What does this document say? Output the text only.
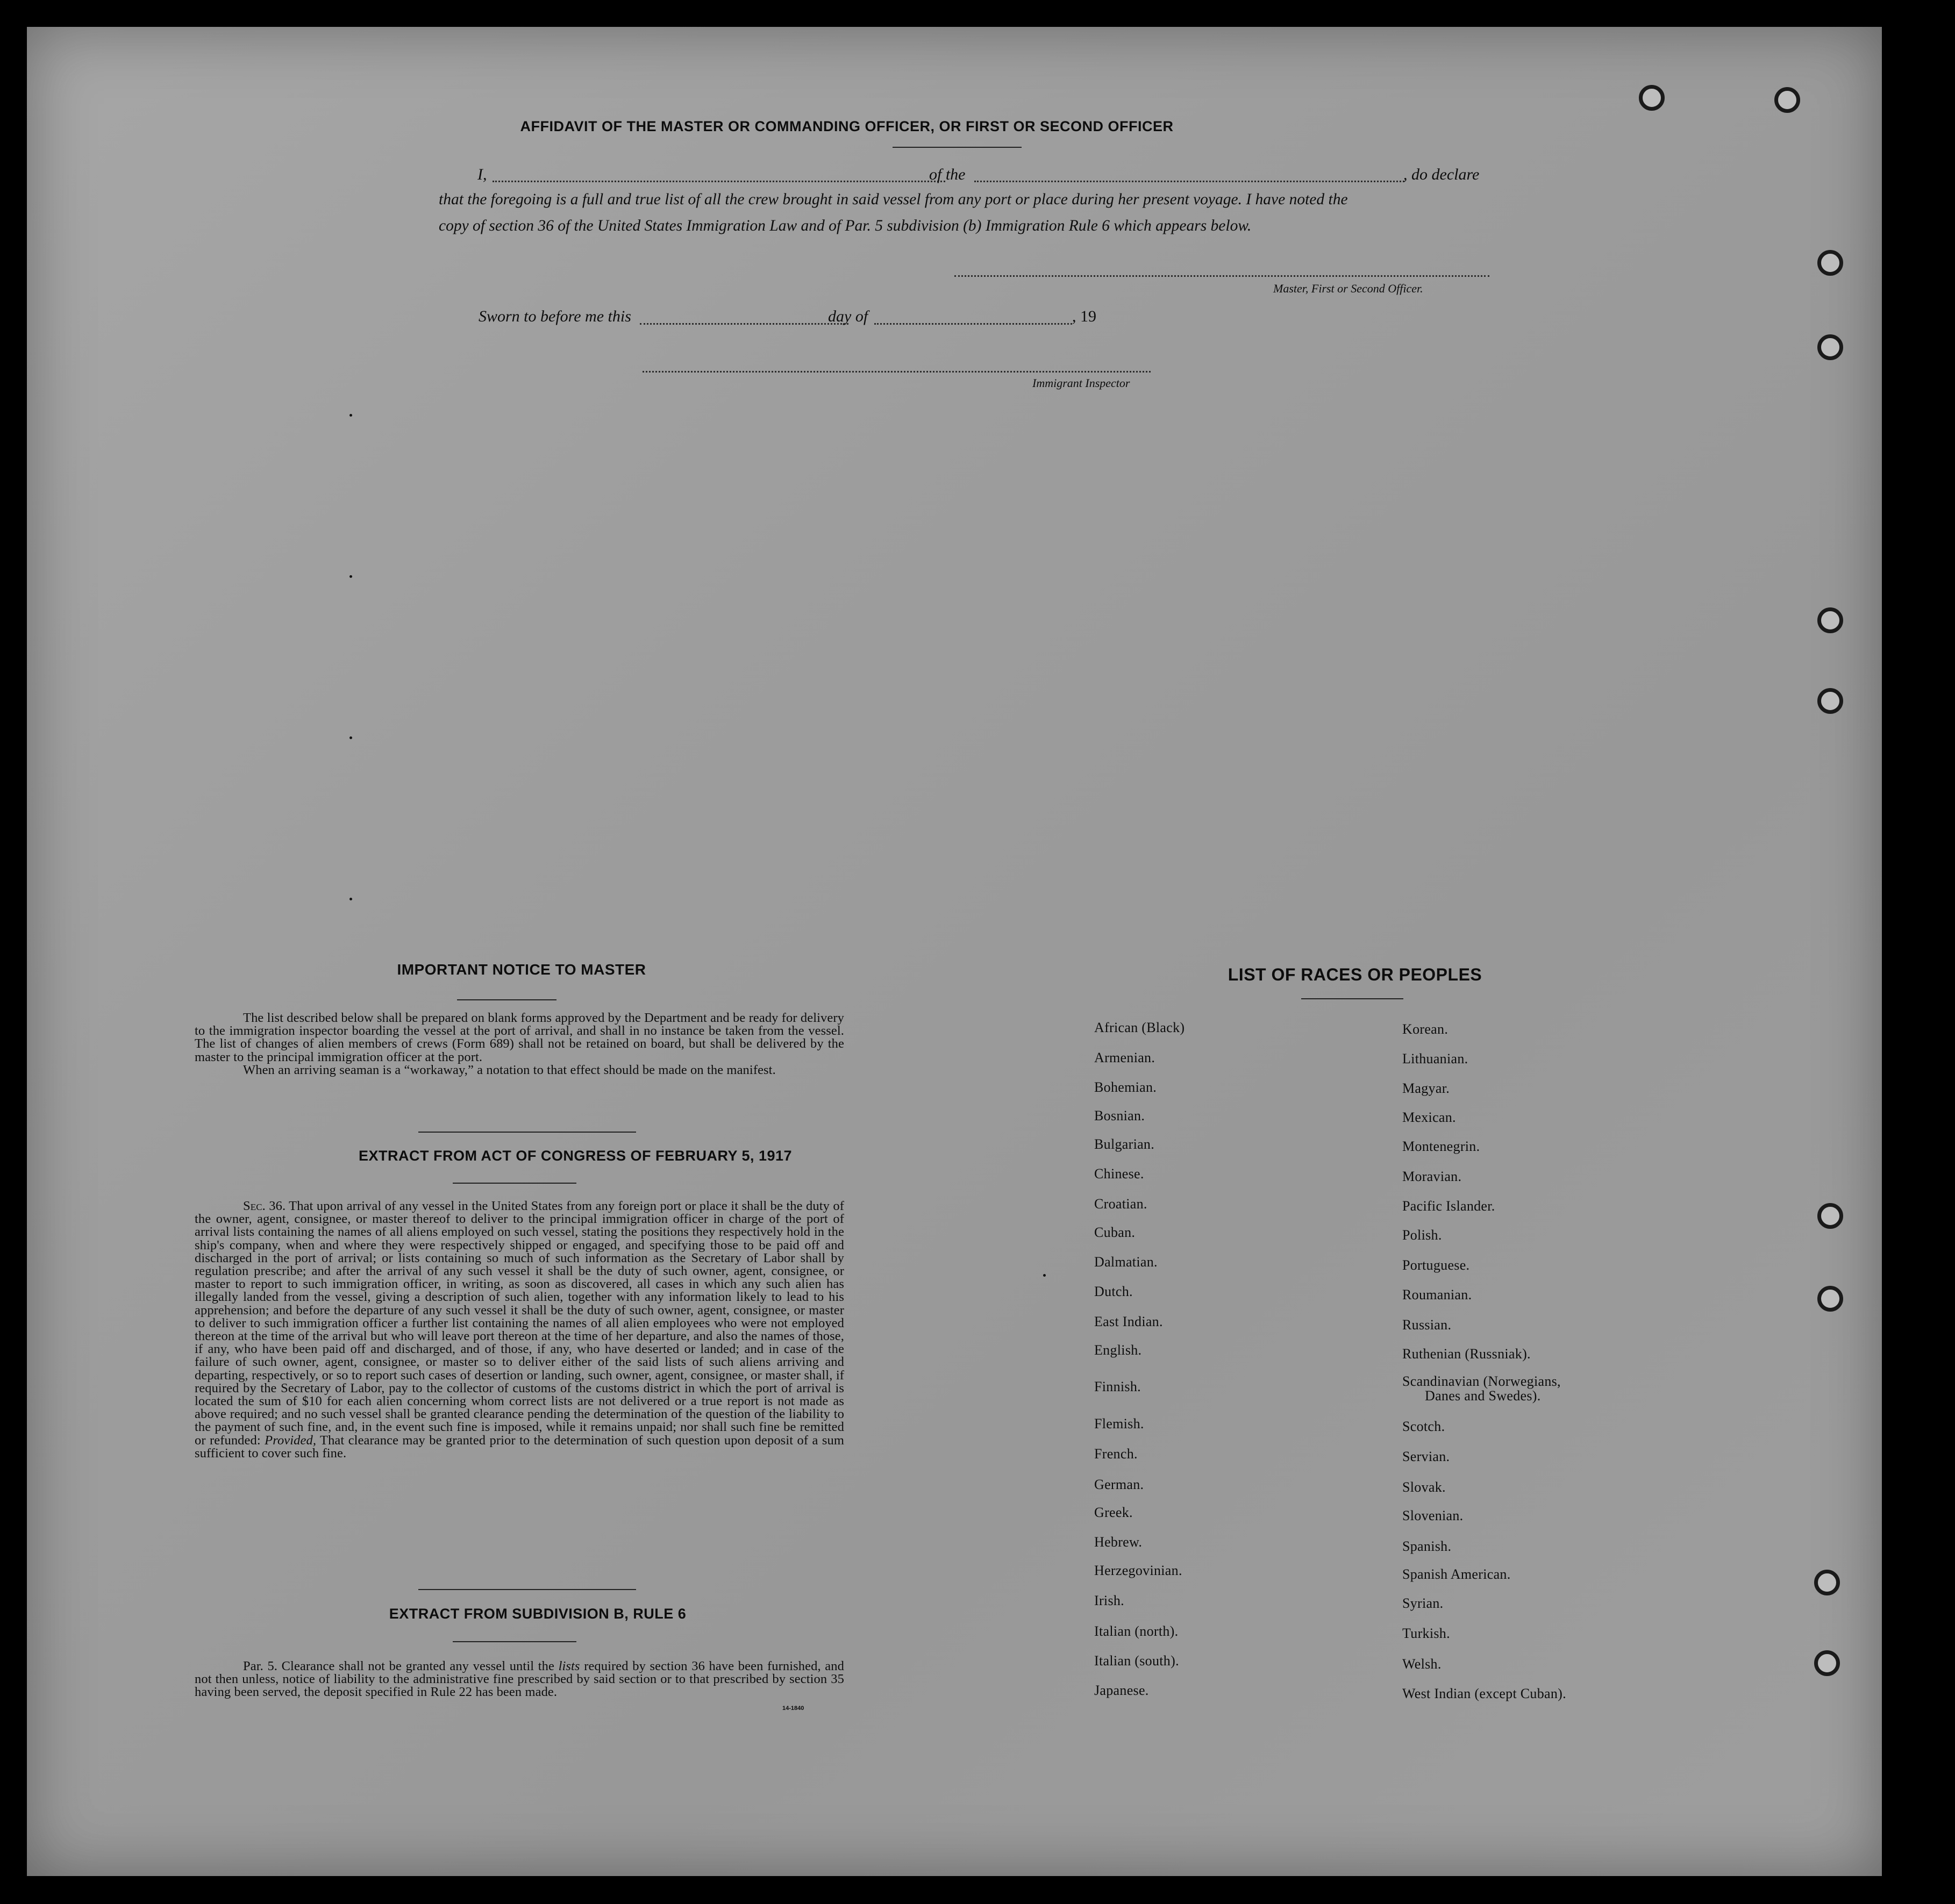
AFFIDAVIT OF THE MASTER OR COMMANDING OFFICER, OR FIRST OR SECOND OFFICER
I,	of the	, do declare
that the foregoing is a full and true list of all the crew brought in said vessel from any port or place during her present voyage. I have noted the
copy of section 36 of the United States Immigration Law and of Par. 5 subdivision (b) Immigration Rule 6 which appears below.
Master, First or Second Officer.
Sworn to before me this	day of	, 19
Immigrant Inspector
IMPORTANT NOTICE TO MASTER

The list described below shall be prepared on blank forms approved by the Department and be ready for delivery to the immigration inspector boarding the vessel at the port of arrival, and shall in no instance be taken from the vessel. The list of changes of alien members of crews (Form 689) shall not be retained on board, but shall be delivered by the master to the principal immigration officer at the port.

When an arriving seaman is a “workaway,” a notation to that effect should be made on the manifest.

EXTRACT FROM ACT OF CONGRESS OF FEBRUARY 5, 1917

Sec. 36. That upon arrival of any vessel in the United States from any foreign port or place it shall be the duty of the owner, agent, consignee, or master thereof to deliver to the principal immigration officer in charge of the port of arrival lists containing the names of all aliens employed on such vessel, stating the positions they respectively hold in the ship's company, when and where they were respectively shipped or engaged, and specifying those to be paid off and discharged in the port of arrival; or lists containing so much of such information as the Secretary of Labor shall by regulation prescribe; and after the arrival of any such vessel it shall be the duty of such owner, agent, consignee, or master to report to such immigration officer, in writing, as soon as discovered, all cases in which any such alien has illegally landed from the vessel, giving a description of such alien, together with any information likely to lead to his apprehension; and before the departure of any such vessel it shall be the duty of such owner, agent, consignee, or master to deliver to such immigration officer a further list containing the names of all alien employees who were not employed thereon at the time of the arrival but who will leave port thereon at the time of her departure, and also the names of those, if any, who have been paid off and discharged, and of those, if any, who have deserted or landed; and in case of the failure of such owner, agent, consignee, or master so to deliver either of the said lists of such aliens arriving and departing, respectively, or so to report such cases of desertion or landing, such owner, agent, consignee, or master shall, if required by the Secretary of Labor, pay to the collector of customs of the customs district in which the port of arrival is located the sum of $10 for each alien concerning whom correct lists are not delivered or a true report is not made as above required; and no such vessel shall be granted clearance pending the determination of the question of the liability to the payment of such fine, and, in the event such fine is imposed, while it remains unpaid; nor shall such fine be remitted or refunded: Provided, That clearance may be granted prior to the determination of such question upon deposit of a sum sufficient to cover such fine.

EXTRACT FROM SUBDIVISION B, RULE 6

Par. 5. Clearance shall not be granted any vessel until the lists required by section 36 have been furnished, and not then unless, notice of liability to the administrative fine prescribed by said section or to that prescribed by section 35 having been served, the deposit specified in Rule 22 has been made.

14-1840
LIST OF RACES OR PEOPLES
African (Black)
Armenian.
Bohemian.
Bosnian.
Bulgarian.
Chinese.
Croatian.
Cuban.
Dalmatian.
Dutch.
East Indian.
English.
Finnish.
Flemish.
French.
German.
Greek.
Hebrew.
Herzegovinian.
Irish.
Italian (north).
Italian (south).
Japanese.
Korean.
Lithuanian.
Magyar.
Mexican.
Montenegrin.
Moravian.
Pacific Islander.
Polish.
Portuguese.
Roumanian.
Russian.
Ruthenian (Russniak).
Scandinavian (Norwegians,
Scotch.
Servian.
Slovak.
Slovenian.
Spanish.
Spanish American.
Syrian.
Turkish.
Welsh.
West Indian (except Cuban).
Danes and Swedes).
